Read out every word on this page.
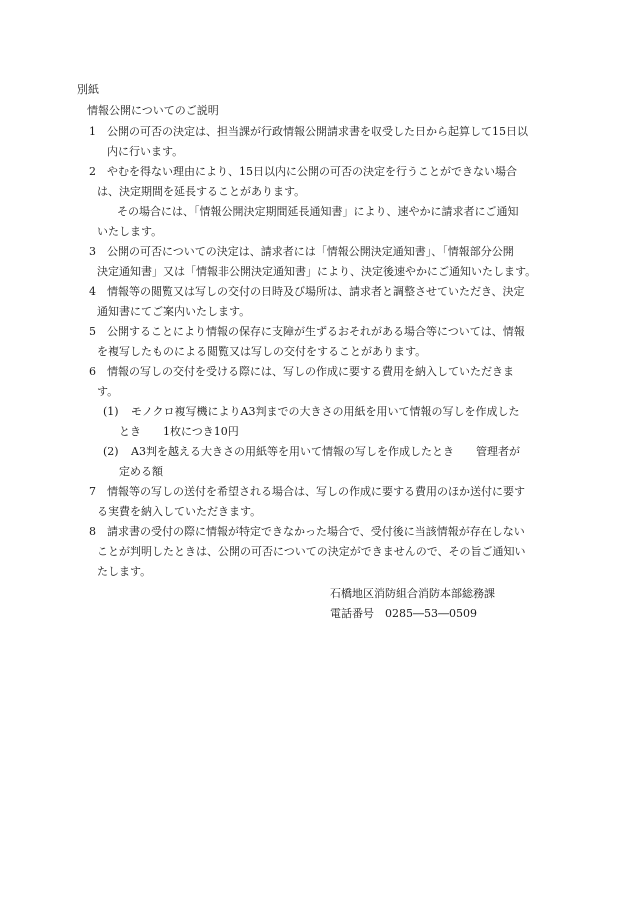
別紙
情報公開についてのご説明
1 公開の可否の決定は、担当課が行政情報公開請求書を収受した日から起算して15日以
内に行います。
2 やむを得ない理由により、15日以内に公開の可否の決定を行うことができない場合
は、決定期間を延長することがあります。
その場合には、「情報公開決定期間延長通知書」により、速やかに請求者にご通知
いたします。
3 公開の可否についての決定は、請求者には「情報公開決定通知書」、「情報部分公開
決定通知書」又は「情報非公開決定通知書」により、決定後速やかにご通知いたします。
4 情報等の閲覧又は写しの交付の日時及び場所は、請求者と調整させていただき、決定
通知書にてご案内いたします。
5 公開することにより情報の保存に支障が生ずるおそれがある場合等については、情報
を複写したものによる閲覧又は写しの交付をすることがあります。
6 情報の写しの交付を受ける際には、写しの作成に要する費用を納入していただきま
す。
(1) モノクロ複写機によりA3判までの大きさの用紙を用いて情報の写しを作成した
とき　　1枚につき10円
(2) A3判を越える大きさの用紙等を用いて情報の写しを作成したとき　　管理者が
定める額
7 情報等の写しの送付を希望される場合は、写しの作成に要する費用のほか送付に要す
る実費を納入していただきます。
8 請求書の受付の際に情報が特定できなかった場合で、受付後に当該情報が存在しない
ことが判明したときは、公開の可否についての決定ができませんので、その旨ご通知い
たします。
石橋地区消防組合消防本部総務課
電話番号　0285―53―0509
